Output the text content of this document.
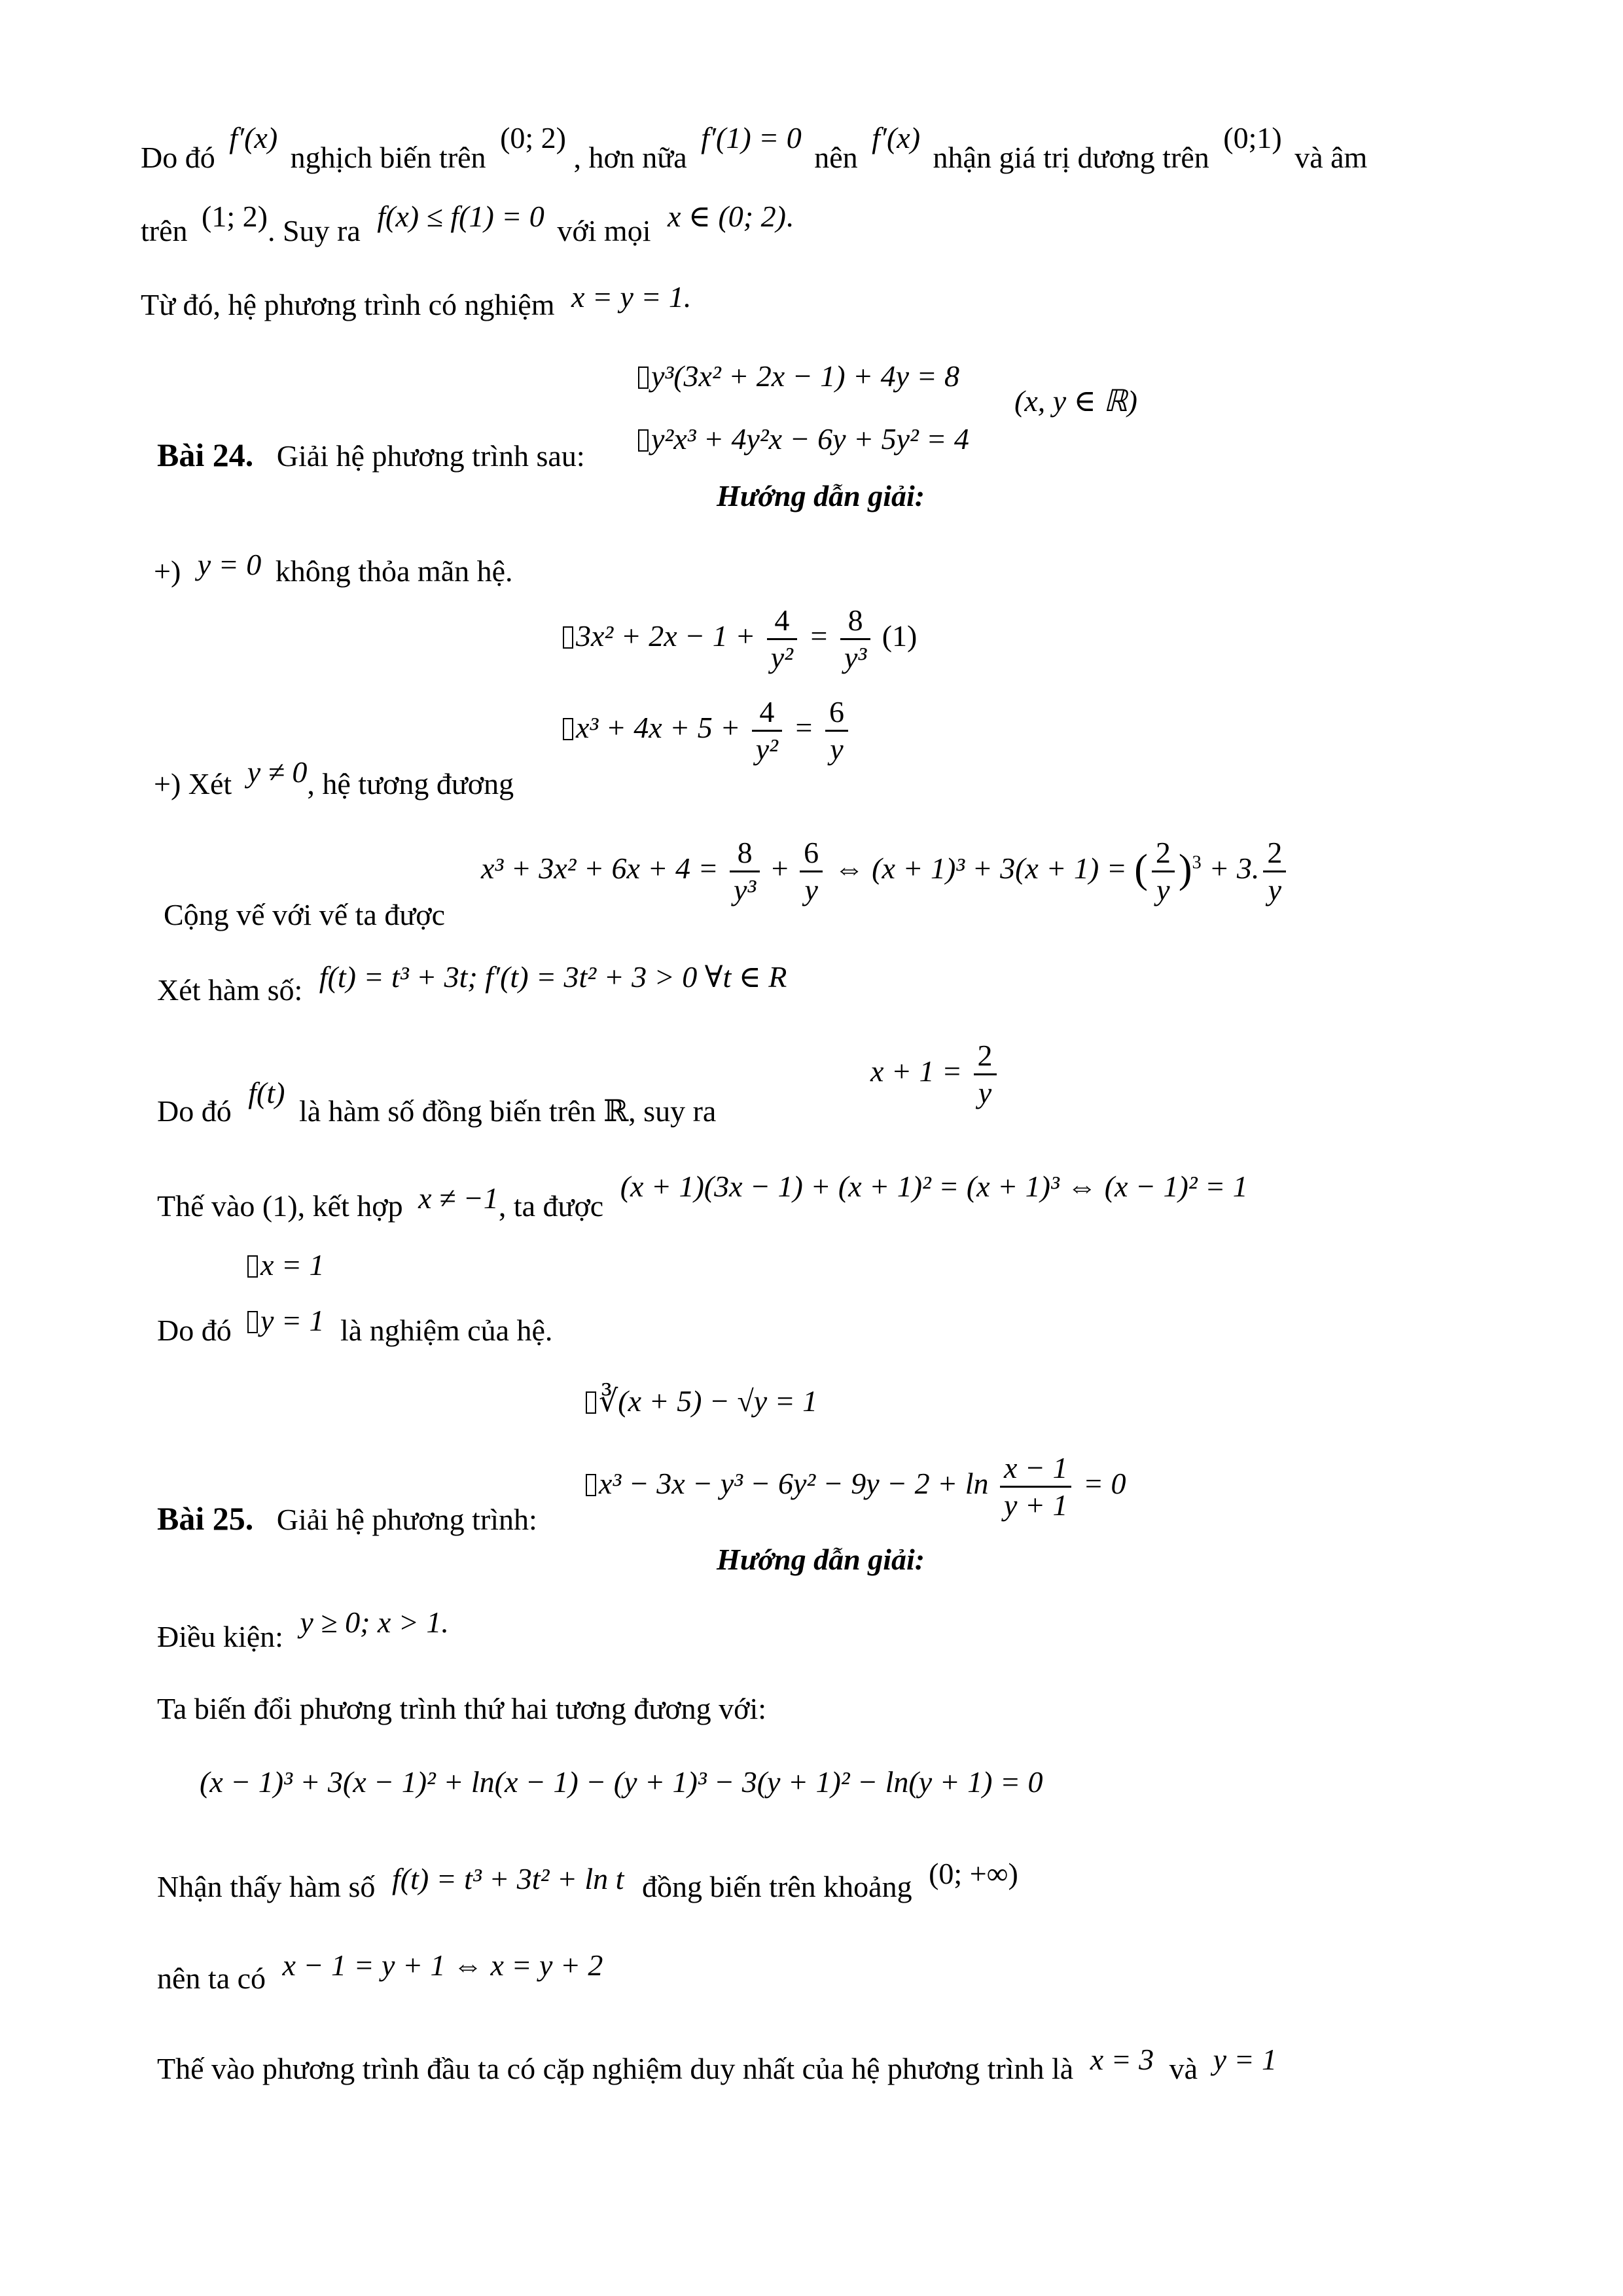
Do đó f′(x) nghịch biến trên (0; 2) , hơn nữa f′(1) = 0 nên f′(x) nhận giá trị dương trên (0;1) và âm
trên (1; 2). Suy ra f(x) ≤ f(1) = 0 với mọi x ∈ (0; 2).
Từ đó, hệ phương trình có nghiệm x = y = 1.
y³(3x² + 2x − 1) + 4y = 8
(x, y ∈ ℝ)
y²x³ + 4y²x − 6y + 5y² = 4
Bài 24. Giải hệ phương trình sau:
Hướng dẫn giải:
+) y = 0 không thỏa mãn hệ.
$3x^2 + 2x - 1 + \frac{4}{\text{y²}} = \frac{8}{\text{y³}} (1)$
$x^3 + 4x + 5 + \frac{4}{\text{y²}} = \frac{6}{y}$
+) Xét y ≠ 0, hệ tương đương
$x^3 + 3x^2 + 6x + 4 = \frac{8}{\text{y³}} + \frac{6}{y}$ ⇔ (x + 1)³ + 3(x + 1) = ( $\frac{2}{y} )^3 + 3$. $\frac{2}{y}$
Cộng vế với vế ta được
Xét hàm số: f(t) = t³ + 3t; f′(t) = 3t² + 3 > 0 ∀t ∈ R
$x + 1 = \frac{2}{y}$
Do đó f(t) là hàm số đồng biến trên ℝ, suy ra
Thế vào (1), kết hợp x ≠ −1, ta được (x + 1)(3x − 1) + (x + 1)² = (x + 1)³ ⇔ (x − 1)² = 1
x = 1
y = 1
Do đó	là nghiệm của hệ.
∛(x + 5) − √y = 1
$x^3 - 3x - y^3 - 6y^2 - 9y - 2 + \ln \frac{x - 1}{y + 1} = 0$
Bài 25. Giải hệ phương trình:
Hướng dẫn giải:
Điều kiện: y ≥ 0; x > 1.
Ta biến đổi phương trình thứ hai tương đương với:
(x − 1)³ + 3(x − 1)² + ln(x − 1) − (y + 1)³ − 3(y + 1)² − ln(y + 1) = 0
Nhận thấy hàm số f(t) = t³ + 3t² + ln t đồng biến trên khoảng (0; +∞)
nên ta có x − 1 = y + 1 ⇔ x = y + 2
Thế vào phương trình đầu ta có cặp nghiệm duy nhất của hệ phương trình là x = 3 và y = 1
